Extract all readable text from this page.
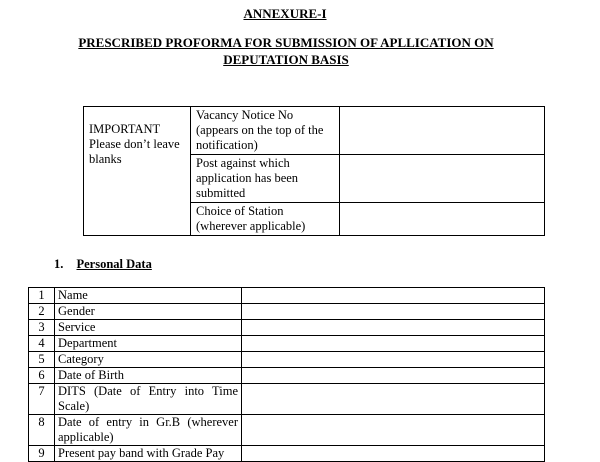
ANNEXURE-I
PRESCRIBED PROFORMA FOR SUBMISSION OF APLLICATION ON
DEPUTATION BASIS
IMPORTANT
Please don’t leave
blanks	Vacancy Notice No (appears on the top of the notification)	
	Post against which application has been submitted	
	Choice of Station (wherever applicable)	
1. Personal Data
1	Name	
2	Gender	
3	Service	
4	Department	
5	Category	
6	Date of Birth	
7	DITS (Date of Entry into Time Scale)	
8	Date of entry in Gr.B (wherever applicable)	
9	Present pay band with Grade Pay	
